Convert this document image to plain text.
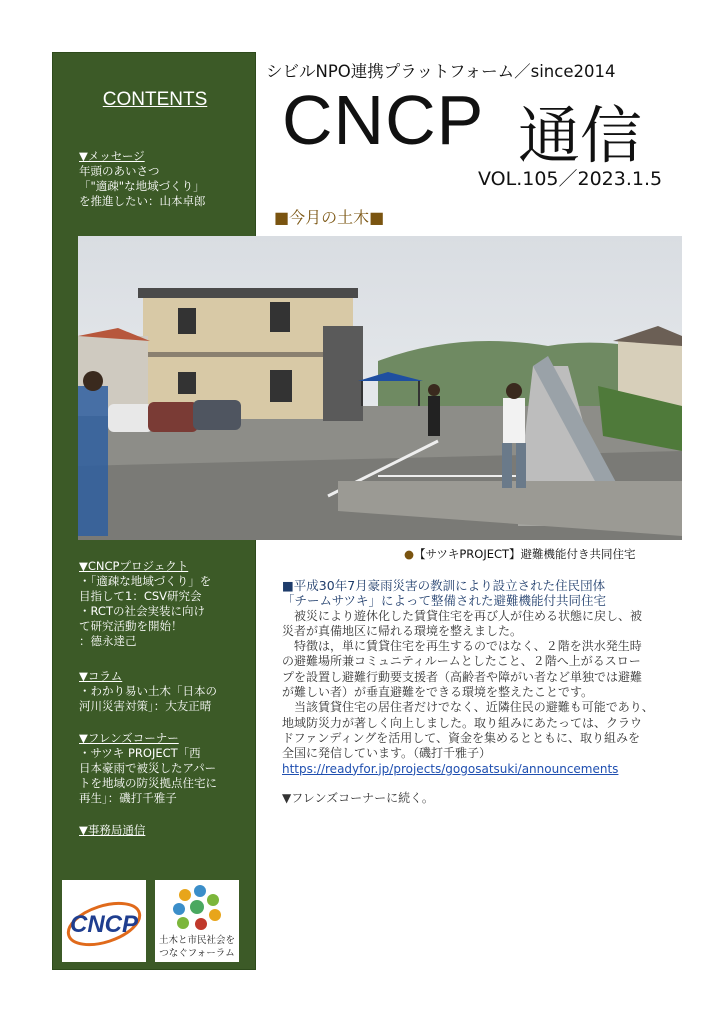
CONTENTS
▼メッセージ
年頭のあいさつ
「"適疎"な地域づくり」
を推進したい：山本卓郎
▼CNCPプロジェクト
・「適疎な地域づくり」を
目指して1：CSV研究会
・RCTの社会実装に向け
て研究活動を開始！
：德永達己
▼コラム
・わかり易い土木「日本の
河川災害対策」：大友正晴
▼フレンズコーナー
・サツキ PROJECT「西
日本豪雨で被災したアパー
トを地域の防災拠点住宅に
再生」：磯打千雅子
▼事務局通信
CNCP
土木と市民社会を
つなぐフォーラム
シビルNPO連携プラットフォーム／since2014
CNCP 通信
VOL.105／2023.1.5
■今月の土木■
●【サツキPROJECT】避難機能付き共同住宅
■平成30年7月豪雨災害の教訓により設立された住民団体
「チームサツキ」によって整備された避難機能付共同住宅
　被災により遊休化した賃貸住宅を再び人が住める状態に戻し、被
災者が真備地区に帰れる環境を整えました。
　特徴は，単に賃貸住宅を再生するのではなく、２階を洪水発生時
の避難場所兼コミュニティルームとしたこと、２階へ上がるスロー
プを設置し避難行動要支援者（高齢者や障がい者など単独では避難
が難しい者）が垂直避難をできる環境を整えたことです。
　当該賃貸住宅の居住者だけでなく、近隣住民の避難も可能であり、
地域防災力が著しく向上しました。取り組みにあたっては、クラウ
ドファンディングを活用して、資金を集めるとともに、取り組みを
全国に発信しています。（磯打千雅子）
https://readyfor.jp/projects/gogosatsuki/announcements
▼フレンズコーナーに続く。
